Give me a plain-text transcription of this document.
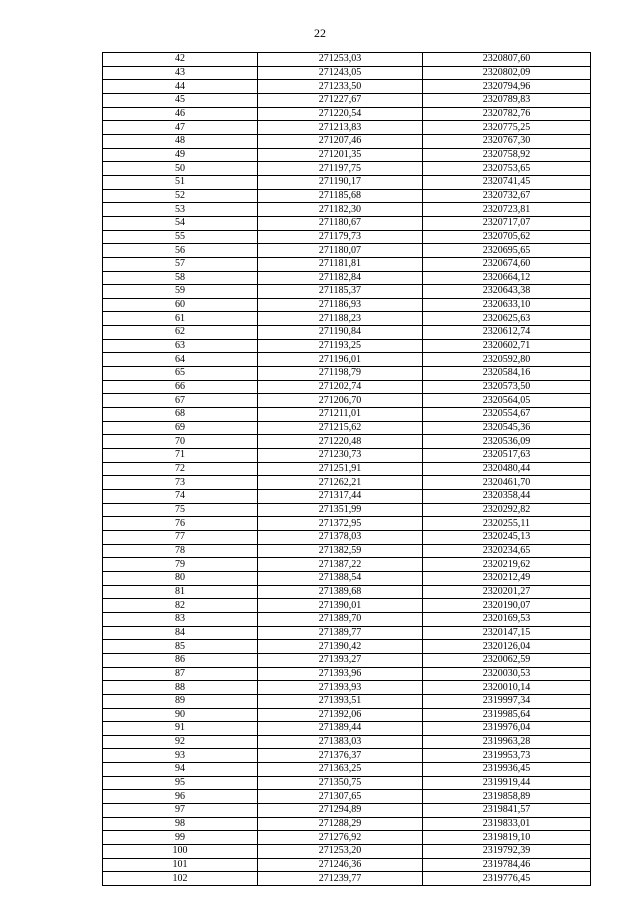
22
42	271253,03	2320807,60
43	271243,05	2320802,09
44	271233,50	2320794,96
45	271227,67	2320789,83
46	271220,54	2320782,76
47	271213,83	2320775,25
48	271207,46	2320767,30
49	271201,35	2320758,92
50	271197,75	2320753,65
51	271190,17	2320741,45
52	271185,68	2320732,67
53	271182,30	2320723,81
54	271180,67	2320717,07
55	271179,73	2320705,62
56	271180,07	2320695,65
57	271181,81	2320674,60
58	271182,84	2320664,12
59	271185,37	2320643,38
60	271186,93	2320633,10
61	271188,23	2320625,63
62	271190,84	2320612,74
63	271193,25	2320602,71
64	271196,01	2320592,80
65	271198,79	2320584,16
66	271202,74	2320573,50
67	271206,70	2320564,05
68	271211,01	2320554,67
69	271215,62	2320545,36
70	271220,48	2320536,09
71	271230,73	2320517,63
72	271251,91	2320480,44
73	271262,21	2320461,70
74	271317,44	2320358,44
75	271351,99	2320292,82
76	271372,95	2320255,11
77	271378,03	2320245,13
78	271382,59	2320234,65
79	271387,22	2320219,62
80	271388,54	2320212,49
81	271389,68	2320201,27
82	271390,01	2320190,07
83	271389,70	2320169,53
84	271389,77	2320147,15
85	271390,42	2320126,04
86	271393,27	2320062,59
87	271393,96	2320030,53
88	271393,93	2320010,14
89	271393,51	2319997,34
90	271392,06	2319985,64
91	271389,44	2319976,04
92	271383,03	2319963,28
93	271376,37	2319953,73
94	271363,25	2319936,45
95	271350,75	2319919,44
96	271307,65	2319858,89
97	271294,89	2319841,57
98	271288,29	2319833,01
99	271276,92	2319819,10
100	271253,20	2319792,39
101	271246,36	2319784,46
102	271239,77	2319776,45
